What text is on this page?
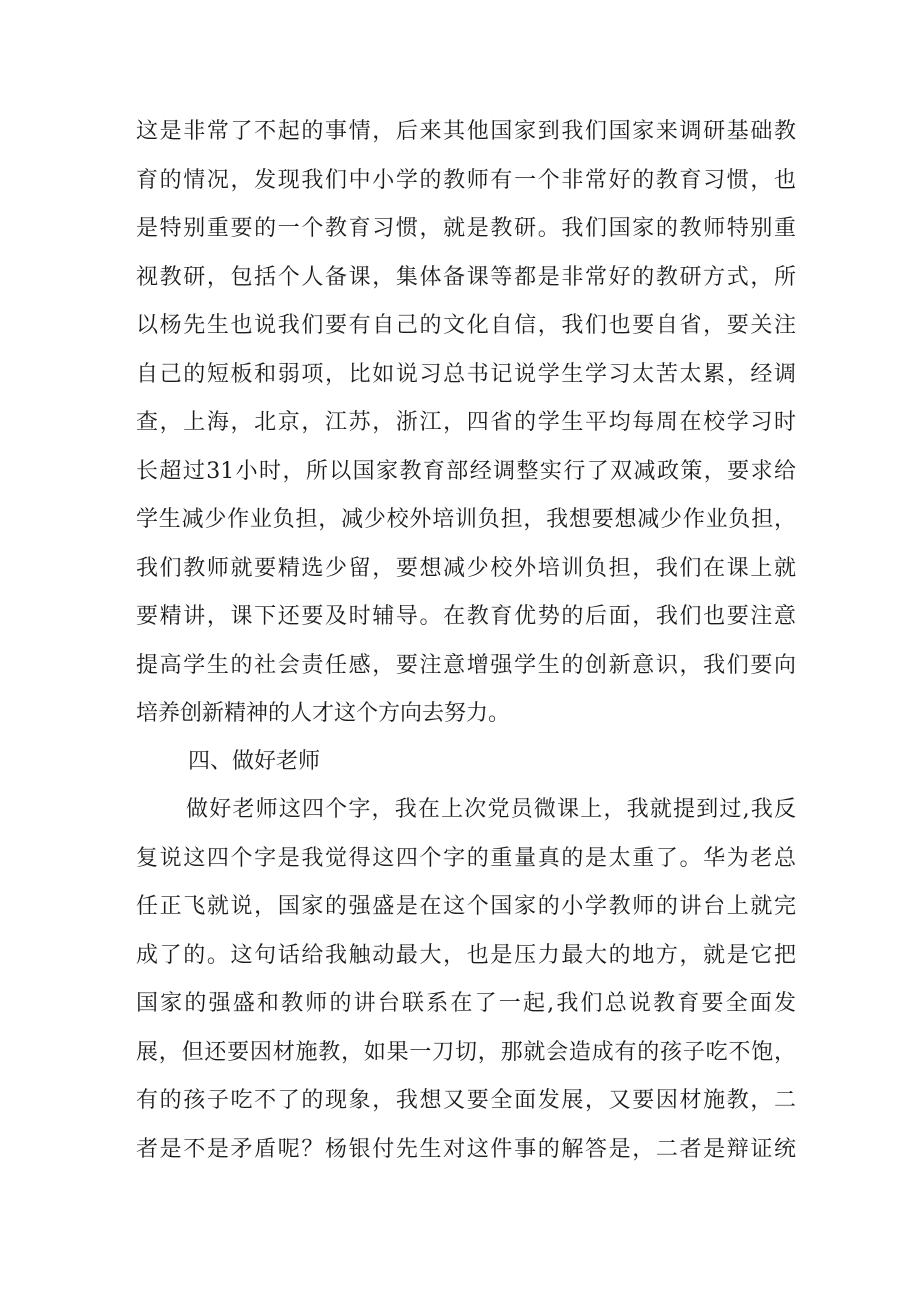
这是非常了不起的事情，后来其他国家到我们国家来调研基础教
育的情况，发现我们中小学的教师有一个非常好的教育习惯，也
是特别重要的一个教育习惯，就是教研。我们国家的教师特别重
视教研，包括个人备课，集体备课等都是非常好的教研方式，所
以杨先生也说我们要有自己的文化自信，我们也要自省，要关注
自己的短板和弱项，比如说习总书记说学生学习太苦太累，经调
查，上海，北京，江苏，浙江，四省的学生平均每周在校学习时
长超过31小时，所以国家教育部经调整实行了双减政策，要求给
学生减少作业负担，减少校外培训负担，我想要想减少作业负担，
我们教师就要精选少留，要想减少校外培训负担，我们在课上就
要精讲，课下还要及时辅导。在教育优势的后面，我们也要注意
提高学生的社会责任感，要注意增强学生的创新意识，我们要向
培养创新精神的人才这个方向去努力。
四、做好老师
做好老师这四个字，我在上次党员微课上，我就提到过,我反
复说这四个字是我觉得这四个字的重量真的是太重了。华为老总
任正飞就说，国家的强盛是在这个国家的小学教师的讲台上就完
成了的。这句话给我触动最大，也是压力最大的地方，就是它把
国家的强盛和教师的讲台联系在了一起,我们总说教育要全面发
展，但还要因材施教，如果一刀切，那就会造成有的孩子吃不饱，
有的孩子吃不了的现象，我想又要全面发展，又要因材施教，二
者是不是矛盾呢？杨银付先生对这件事的解答是，二者是辩证统
